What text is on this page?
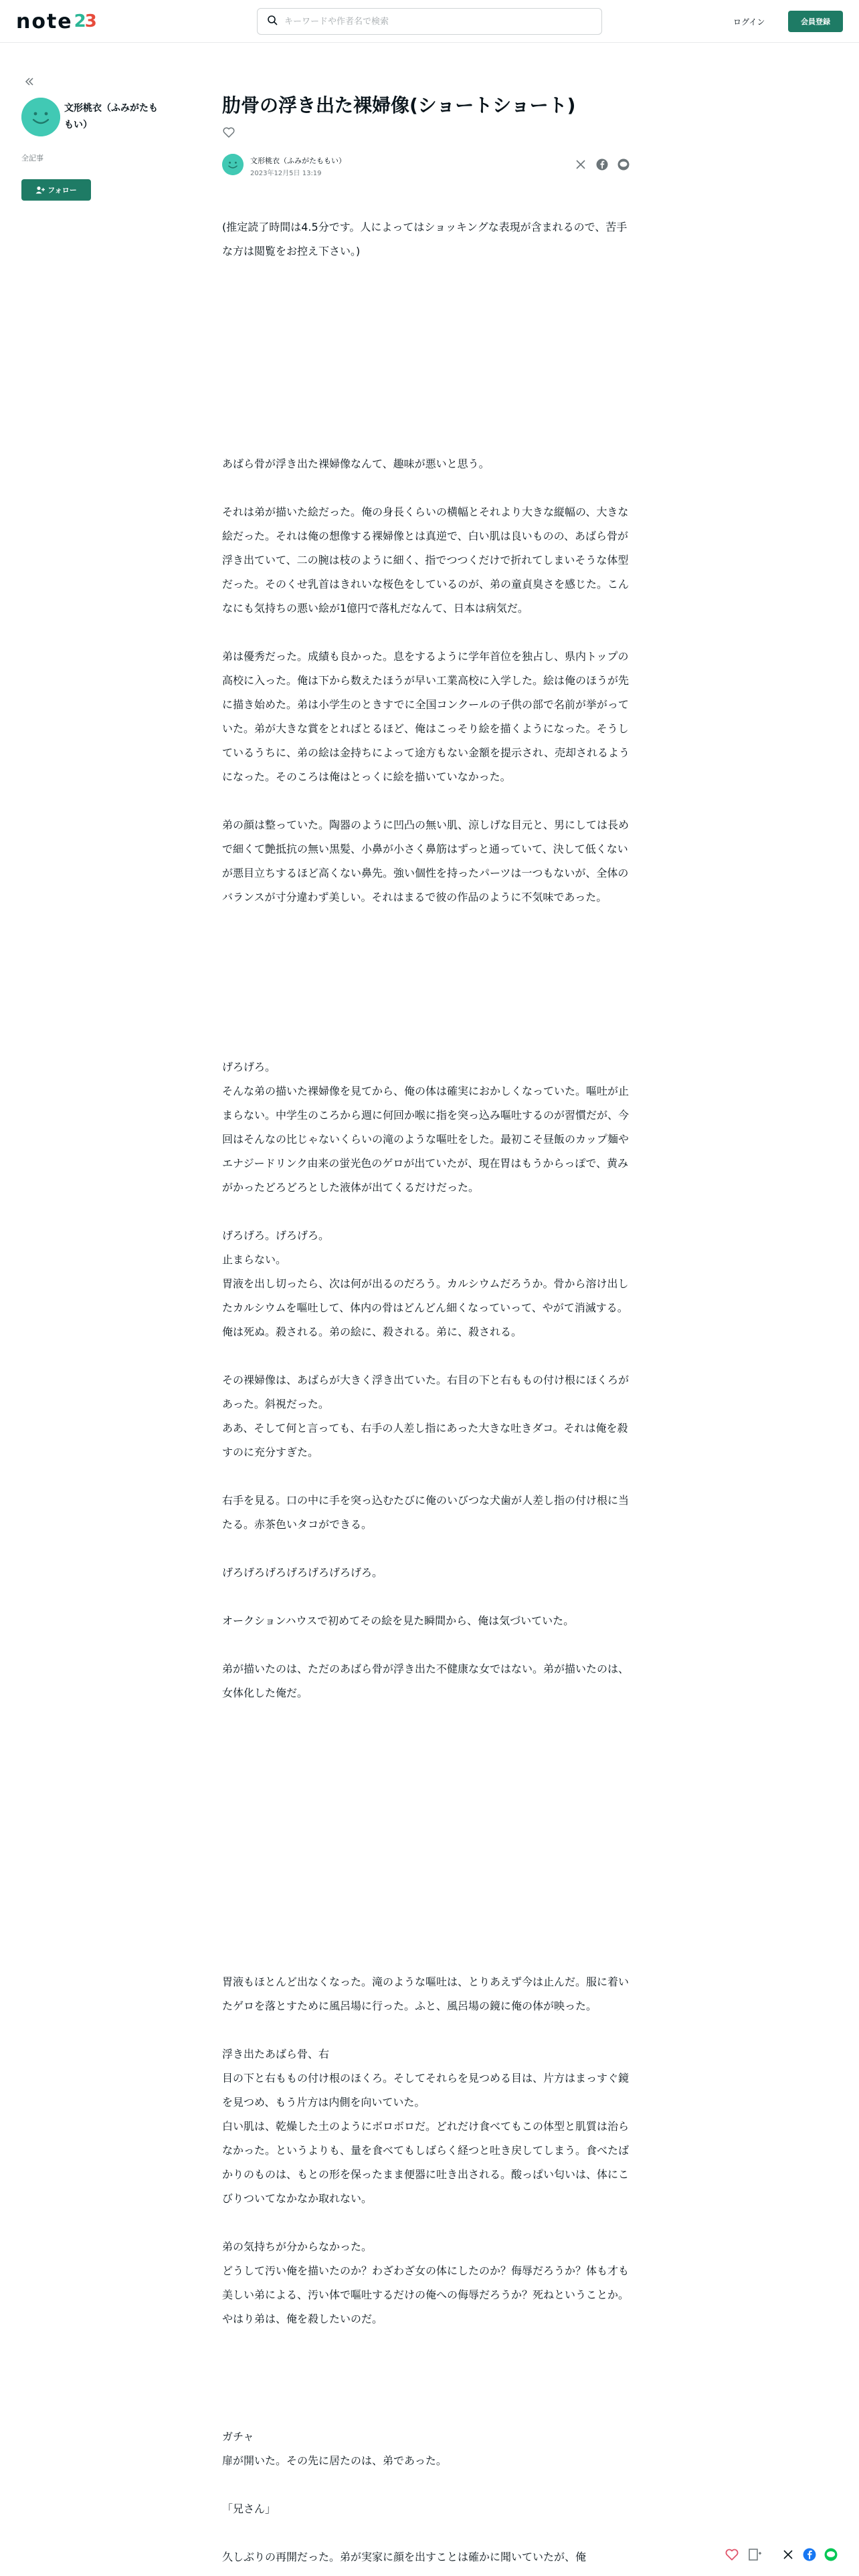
note 23
キーワードや作者名で検索	ログイン	会員登録
文形桃衣（ふみがたももい）
全記事
フォロー
肋骨の浮き出た裸婦像(ショートショート)
文形桃衣（ふみがたももい）
2023年12月5日 13:19

(推定読了時間は4.5分です。人によってはショッキングな表現が含まれるので、苦手な方は閲覧をお控え下さい。)

あばら骨が浮き出た裸婦像なんて、趣味が悪いと思う。

それは弟が描いた絵だった。俺の身長くらいの横幅とそれより大きな縦幅の、大きな絵だった。それは俺の想像する裸婦像とは真逆で、白い肌は良いものの、あばら骨が浮き出ていて、二の腕は枝のように細く、指でつつくだけで折れてしまいそうな体型だった。そのくせ乳首はきれいな桜色をしているのが、弟の童貞臭さを感じた。こんなにも気持ちの悪い絵が1億円で落札だなんて、日本は病気だ。

弟は優秀だった。成績も良かった。息をするように学年首位を独占し、県内トップの高校に入った。俺は下から数えたほうが早い工業高校に入学した。絵は俺のほうが先に描き始めた。弟は小学生のときすでに全国コンクールの子供の部で名前が挙がっていた。弟が大きな賞をとればとるほど、俺はこっそり絵を描くようになった。そうしているうちに、弟の絵は金持ちによって途方もない金額を提示され、売却されるようになった。そのころは俺はとっくに絵を描いていなかった。

弟の顔は整っていた。陶器のように凹凸の無い肌、涼しげな目元と、男にしては長めで細くて艶抵抗の無い黒髪、小鼻が小さく鼻筋はずっと通っていて、決して低くないが悪目立ちするほど高くない鼻先。強い個性を持ったパーツは一つもないが、全体のバランスが寸分違わず美しい。それはまるで彼の作品のように不気味であった。

げろげろ。
そんな弟の描いた裸婦像を見てから、俺の体は確実におかしくなっていた。嘔吐が止まらない。中学生のころから週に何回か喉に指を突っ込み嘔吐するのが習慣だが、今回はそんなの比じゃないくらいの滝のような嘔吐をした。最初こそ昼飯のカップ麺やエナジードリンク由来の蛍光色のゲロが出ていたが、現在胃はもうからっぽで、黄みがかったどろどろとした液体が出てくるだけだった。

げろげろ。げろげろ。
止まらない。
胃液を出し切ったら、次は何が出るのだろう。カルシウムだろうか。骨から溶け出したカルシウムを嘔吐して、体内の骨はどんどん細くなっていって、やがて消滅する。俺は死ぬ。殺される。弟の絵に、殺される。弟に、殺される。

その裸婦像は、あばらが大きく浮き出ていた。右目の下と右ももの付け根にほくろがあった。斜視だった。
ああ、そして何と言っても、右手の人差し指にあった大きな吐きダコ。それは俺を殺すのに充分すぎた。

右手を見る。口の中に手を突っ込むたびに俺のいびつな犬歯が人差し指の付け根に当たる。赤茶色いタコができる。

げろげろげろげろげろげろげろ。

オークションハウスで初めてその絵を見た瞬間から、俺は気づいていた。

弟が描いたのは、ただのあばら骨が浮き出た不健康な女ではない。弟が描いたのは、女体化した俺だ。

胃液もほとんど出なくなった。滝のような嘔吐は、とりあえず今は止んだ。服に着いたゲロを落とすために風呂場に行った。ふと、風呂場の鏡に俺の体が映った。

浮き出たあばら骨、右
目の下と右ももの付け根のほくろ。そしてそれらを見つめる目は、片方はまっすぐ鏡を見つめ、もう片方は内側を向いていた。
白い肌は、乾燥した土のようにボロボロだ。どれだけ食べてもこの体型と肌質は治らなかった。というよりも、量を食べてもしばらく経つと吐き戻してしまう。食べたばかりのものは、もとの形を保ったまま便器に吐き出される。酸っぱい匂いは、体にこびりついてなかなか取れない。

弟の気持ちが分からなかった。
どうして汚い俺を描いたのか？わざわざ女の体にしたのか？侮辱だろうか？体も才も美しい弟による、汚い体で嘔吐するだけの俺への侮辱だろうか？死ねということか。やはり弟は、俺を殺したいのだ。

ガチャ
扉が開いた。その先に居たのは、弟であった。

「兄さん」

久しぶりの再開だった。弟が実家に顔を出すことは確かに聞いていたが、俺
